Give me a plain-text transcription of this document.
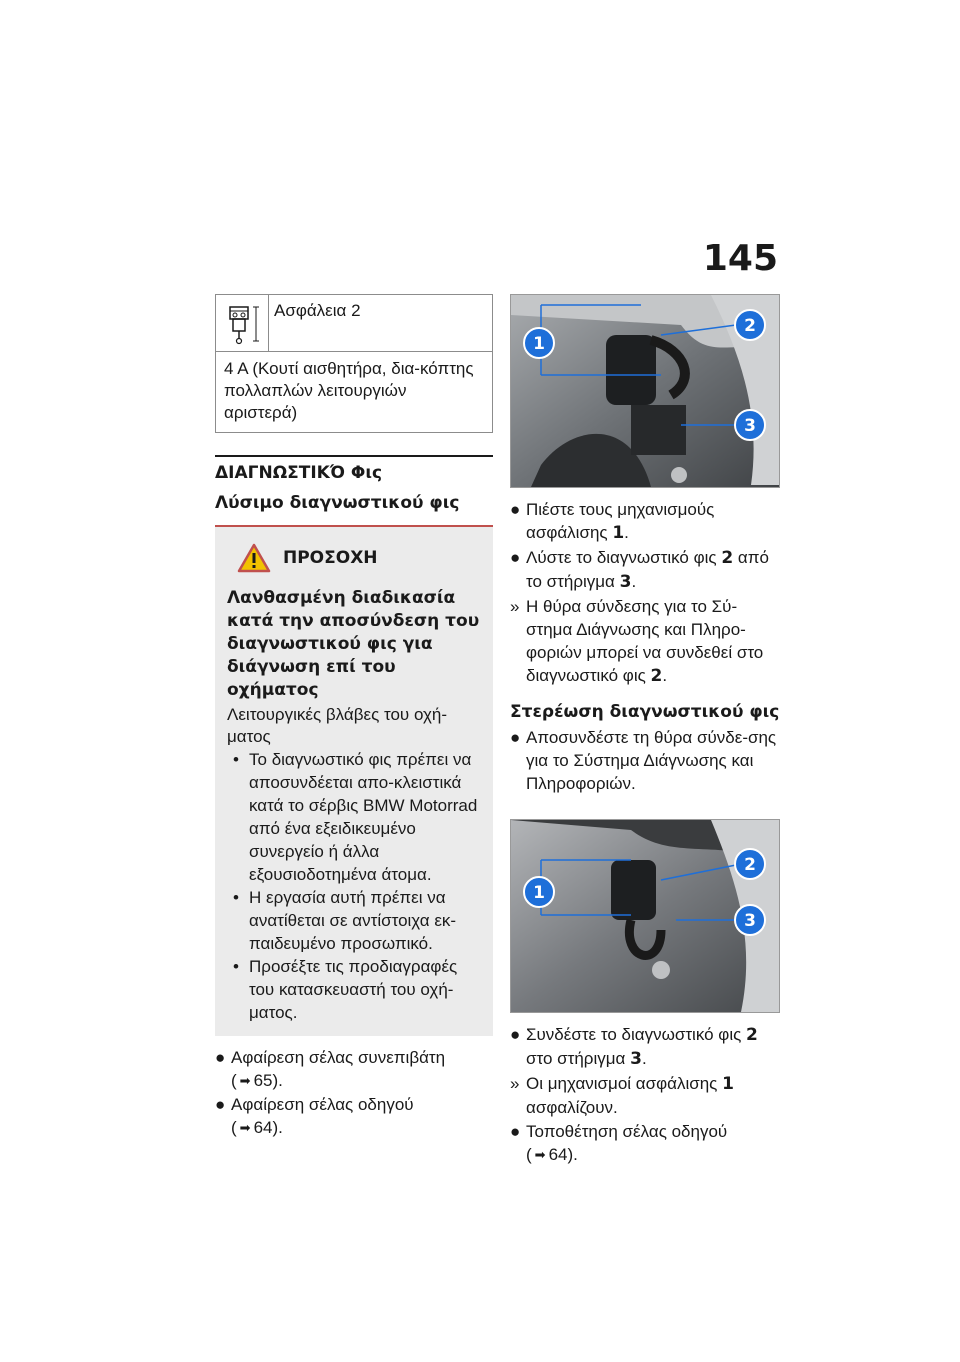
145
Ασφάλεια 2
4 A (Κουτί αισθητήρα, δια-κόπτης πολλαπλών λειτουργιών αριστερά)
ΔΙΑΓΝΩΣΤΙΚΌ Φις
Λύσιμο διαγνωστικού φις
ΠΡΟΣΟΧΗ
Λανθασμένη διαδικασία κατά την αποσύνδεση του διαγνωστικού φις για διάγνωση επί του οχήματος
Λειτουργικές βλάβες του οχή-ματος
• Το διαγνωστικό φις πρέπει να αποσυνδέεται απο-κλειστικά κατά το σέρβις BMW Motorrad από ένα εξειδικευμένο συνεργείο ή άλλα εξουσιοδοτημένα άτομα.
• Η εργασία αυτή πρέπει να ανατίθεται σε αντίστοιχα εκ-παιδευμένο προσωπικό.
• Προσέξτε τις προδιαγραφές του κατασκευαστή του οχή-ματος.
● Αφαίρεση σέλας συνεπιβάτη
( ➡ 65).
● Αφαίρεση σέλας οδηγού
( ➡ 64).
1
2
3
● Πιέστε τους μηχανισμούς ασφάλισης 1.
● Λύστε το διαγνωστικό φις 2 από το στήριγμα 3.
» Η θύρα σύνδεσης για το Σύ-στημα Διάγνωσης και Πληρο-φοριών μπορεί να συνδεθεί στο διαγνωστικό φις 2.
Στερέωση διαγνωστικού φις
● Αποσυνδέστε τη θύρα σύνδε-σης για το Σύστημα Διάγνωσης και Πληροφοριών.
1
2
3
● Συνδέστε το διαγνωστικό φις 2 στο στήριγμα 3.
» Οι μηχανισμοί ασφάλισης 1 ασφαλίζουν.
● Τοποθέτηση σέλας οδηγού
( ➡ 64).
